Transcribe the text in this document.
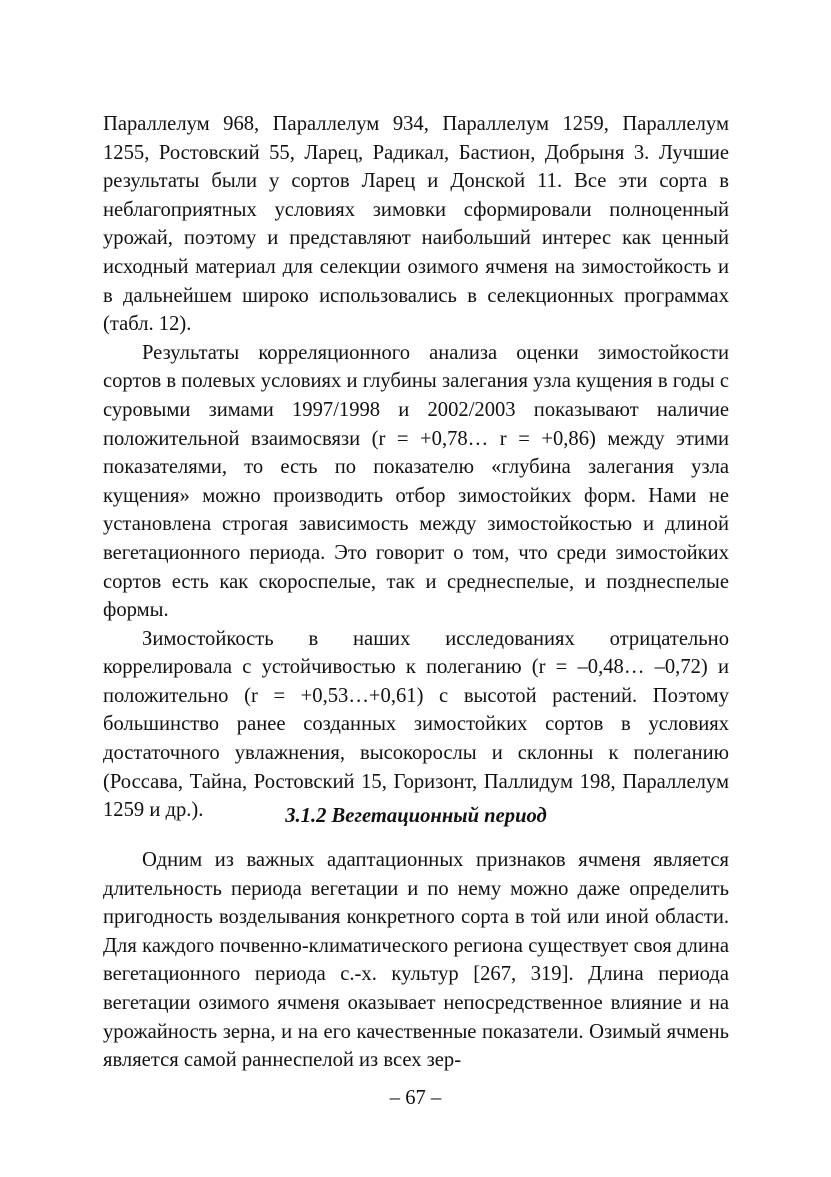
Параллелум 968, Параллелум 934, Параллелум 1259, Параллелум 1255, Ростовский 55, Ларец, Радикал, Бастион, Добрыня 3. Лучшие результаты были у сортов Ларец и Донской 11. Все эти сорта в неблагоприятных условиях зимовки сформировали полноценный урожай, поэтому и представляют наибольший интерес как ценный исходный материал для селекции озимого ячменя на зимостойкость и в дальнейшем широко использовались в селекционных программах (табл. 12).

Результаты корреляционного анализа оценки зимостойкости сортов в полевых условиях и глубины залегания узла кущения в годы с суровыми зимами 1997/1998 и 2002/2003 показывают наличие положительной взаимосвязи (r = +0,78… r = +0,86) между этими показателями, то есть по показателю «глубина залегания узла кущения» можно производить отбор зимостойких форм. Нами не установлена строгая зависимость между зимостойкостью и длиной вегетационного периода. Это говорит о том, что среди зимостойких сортов есть как скороспелые, так и среднеспелые, и позднеспелые формы.

Зимостойкость в наших исследованиях отрицательно коррелировала с устойчивостью к полеганию (r = –0,48… –0,72) и положительно (r = +0,53…+0,61) с высотой растений. Поэтому большинство ранее созданных зимостойких сортов в условиях достаточного увлажнения, высокорослы и склонны к полеганию (Россава, Тайна, Ростовский 15, Горизонт, Паллидум 198, Параллелум 1259 и др.).	3.1.2 Вегетационный период

Одним из важных адаптационных признаков ячменя является длительность периода вегетации и по нему можно даже определить пригодность возделывания конкретного сорта в той или иной области. Для каждого почвенно-климатического региона существует своя длина вегетационного периода с.-х. культур [267, 319]. Длина периода вегетации озимого ячменя оказывает непосредственное влияние и на урожайность зерна, и на его качественные показатели. Озимый ячмень является самой раннеспелой из всех зер-

– 67 –
